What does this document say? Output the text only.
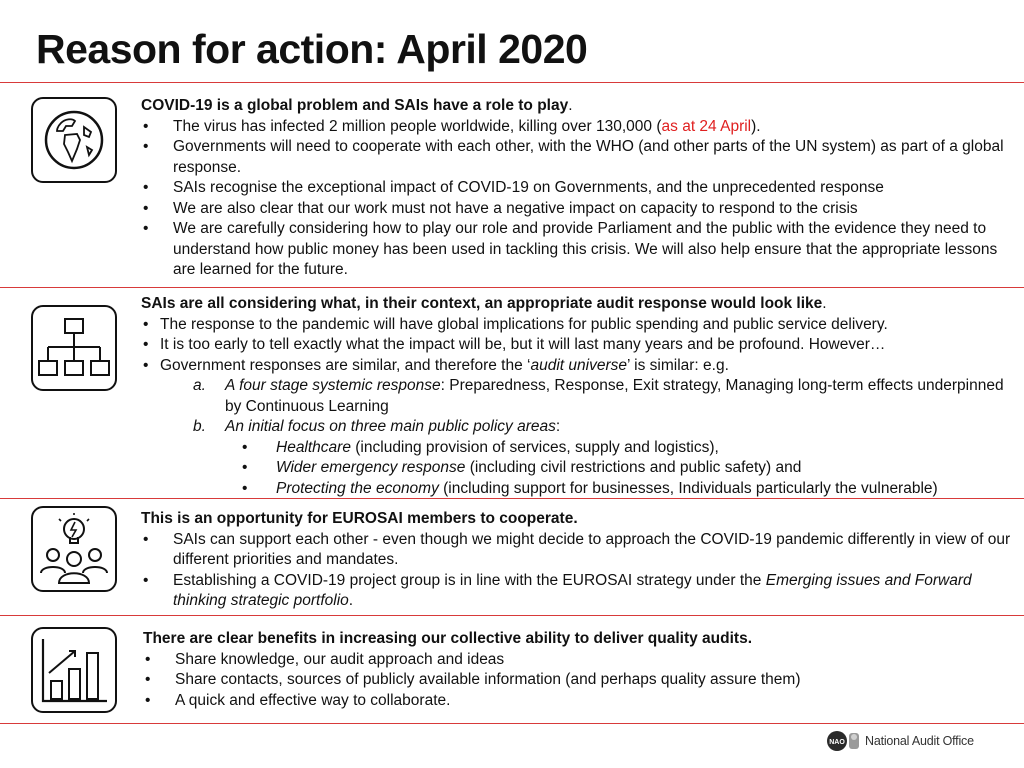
Reason for action: April 2020

COVID-19 is a global problem and SAIs have a role to play.

• The virus has infected 2 million people worldwide, killing over 130,000 (as at 24 April).

• Governments will need to cooperate with each other, with the WHO (and other parts of the UN system) as part of a global response.

• SAIs recognise the exceptional impact of COVID-19 on Governments, and the unprecedented response

• We are also clear that our work must not have a negative impact on capacity to respond to the crisis

• We are carefully considering how to play our role and provide Parliament and the public with the evidence they need to understand how public money has been used in tackling this crisis. We will also help ensure that the appropriate lessons are learned for the future.

SAIs are all considering what, in their context, an appropriate audit response would look like.

• The response to the pandemic will have global implications for public spending and public service delivery.

• It is too early to tell exactly what the impact will be, but it will last many years and be profound. However…

• Government responses are similar, and therefore the ‘audit universe’ is similar: e.g.

a. A four stage systemic response: Preparedness, Response, Exit strategy, Managing long-term effects underpinned by Continuous Learning

b. An initial focus on three main public policy areas:

• Healthcare (including provision of services, supply and logistics),

• Wider emergency response (including civil restrictions and public safety) and

• Protecting the economy (including support for businesses, Individuals particularly the vulnerable)

This is an opportunity for EUROSAI members to cooperate.

• SAIs can support each other - even though we might decide to approach the COVID-19 pandemic differently in view of our different priorities and mandates.

• Establishing a COVID-19 project group is in line with the EUROSAI strategy under the Emerging issues and Forward thinking strategic portfolio.

There are clear benefits in increasing our collective ability to deliver quality audits.

• Share knowledge, our audit approach and ideas

• Share contacts, sources of publicly available information (and perhaps quality assure them)

• A quick and effective way to collaborate.

NAO National Audit Office
